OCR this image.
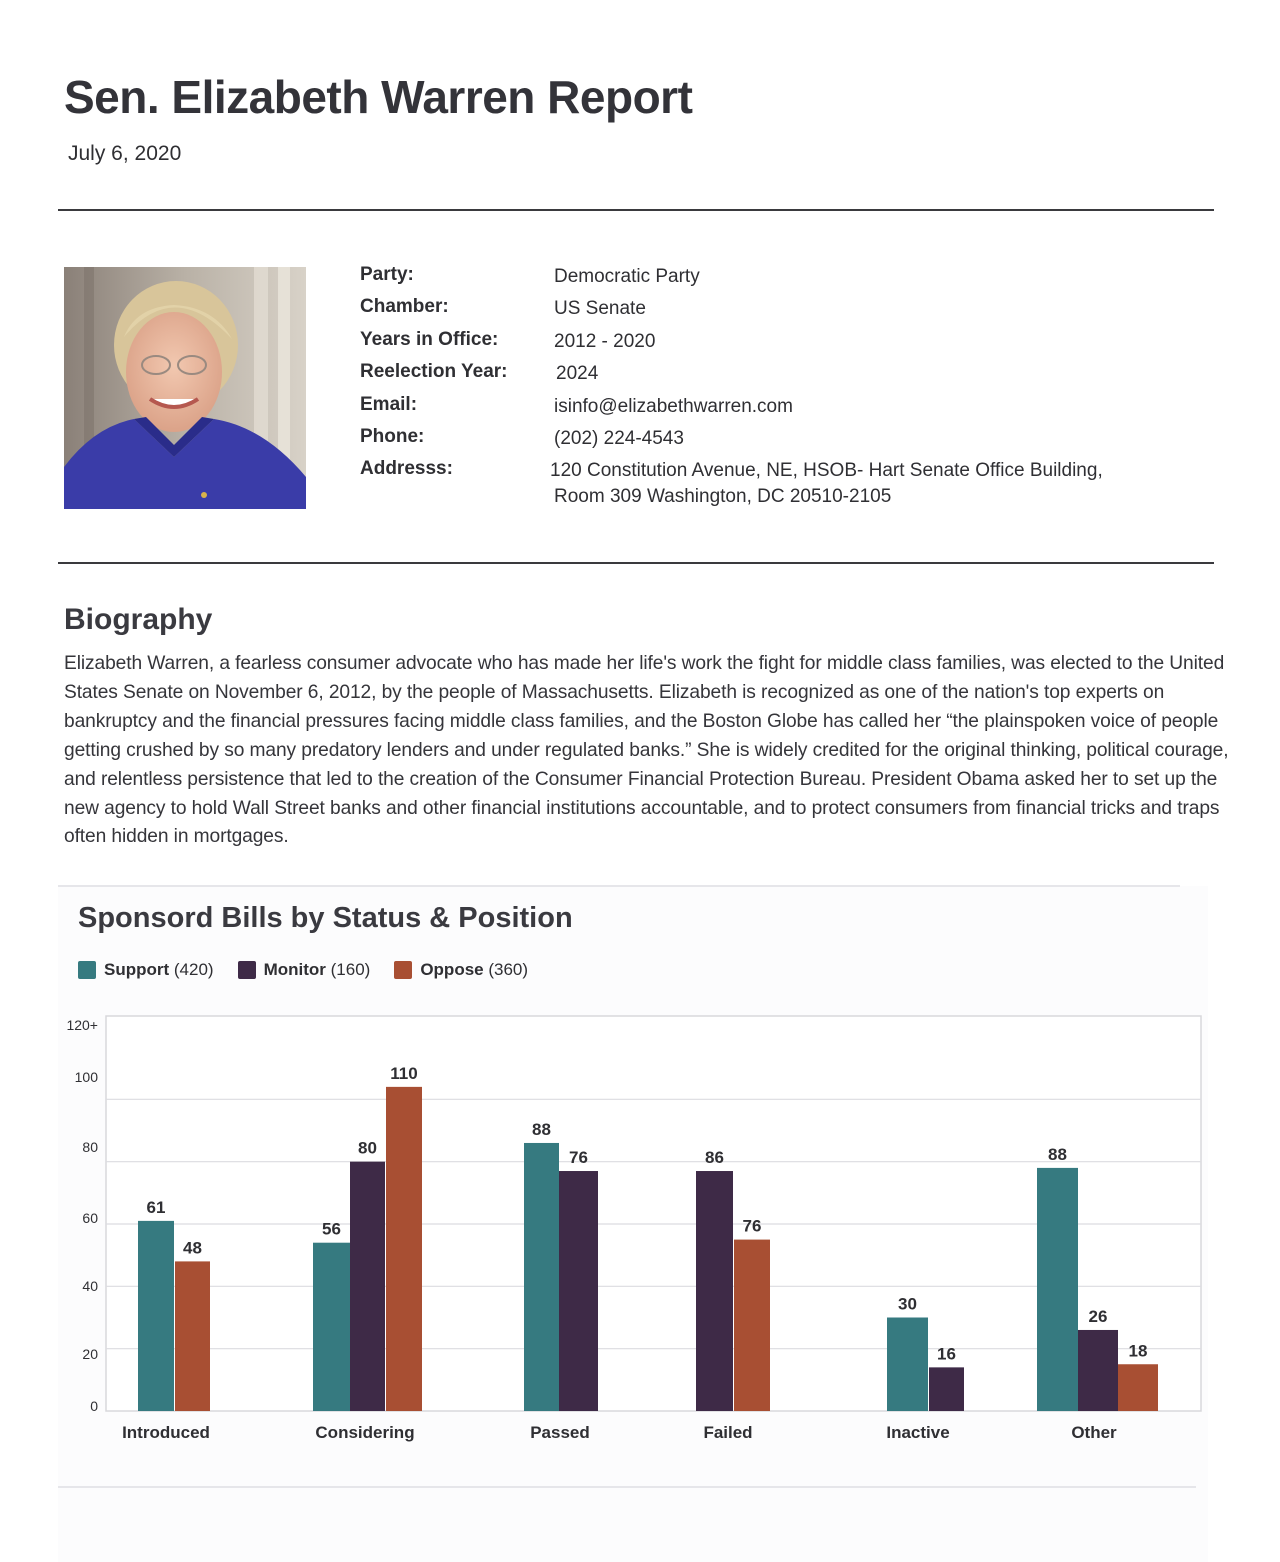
Sen. Elizabeth Warren Report
July 6, 2020
Party:	Democratic Party
Chamber:	US Senate
Years in Office:	2012 - 2020
Reelection Year:	2024
Email:	isinfo@elizabethwarren.com
Phone:	(202) 224-4543
Addresss:	120 Constitution Avenue, NE, HSOB- Hart Senate Office Building,
Room 309 Washington, DC 20510-2105
Biography
Elizabeth Warren, a fearless consumer advocate who has made her life's work the fight for middle class families, was elected to the United States Senate on November 6, 2012, by the people of Massachusetts. Elizabeth is recognized as one of the nation's top experts on bankruptcy and the financial pressures facing middle class families, and the Boston Globe has called her “the plainspoken voice of people getting crushed by so many predatory lenders and under regulated banks.” She is widely credited for the original thinking, political courage, and relentless persistence that led to the creation of the Consumer Financial Protection Bureau. President Obama asked her to set up the new agency to hold Wall Street banks and other financial institutions accountable, and to protect consumers from financial tricks and traps often hidden in mortgages.
Sponsord Bills by Status & Position
Support (420)	Monitor (160)	Oppose (360)
0
20
40
60
80
100
120+
61
48
Introduced
56
80
110
Considering
88
76
Passed
86
76
Failed
30
16
Inactive
88
26
18
Other
